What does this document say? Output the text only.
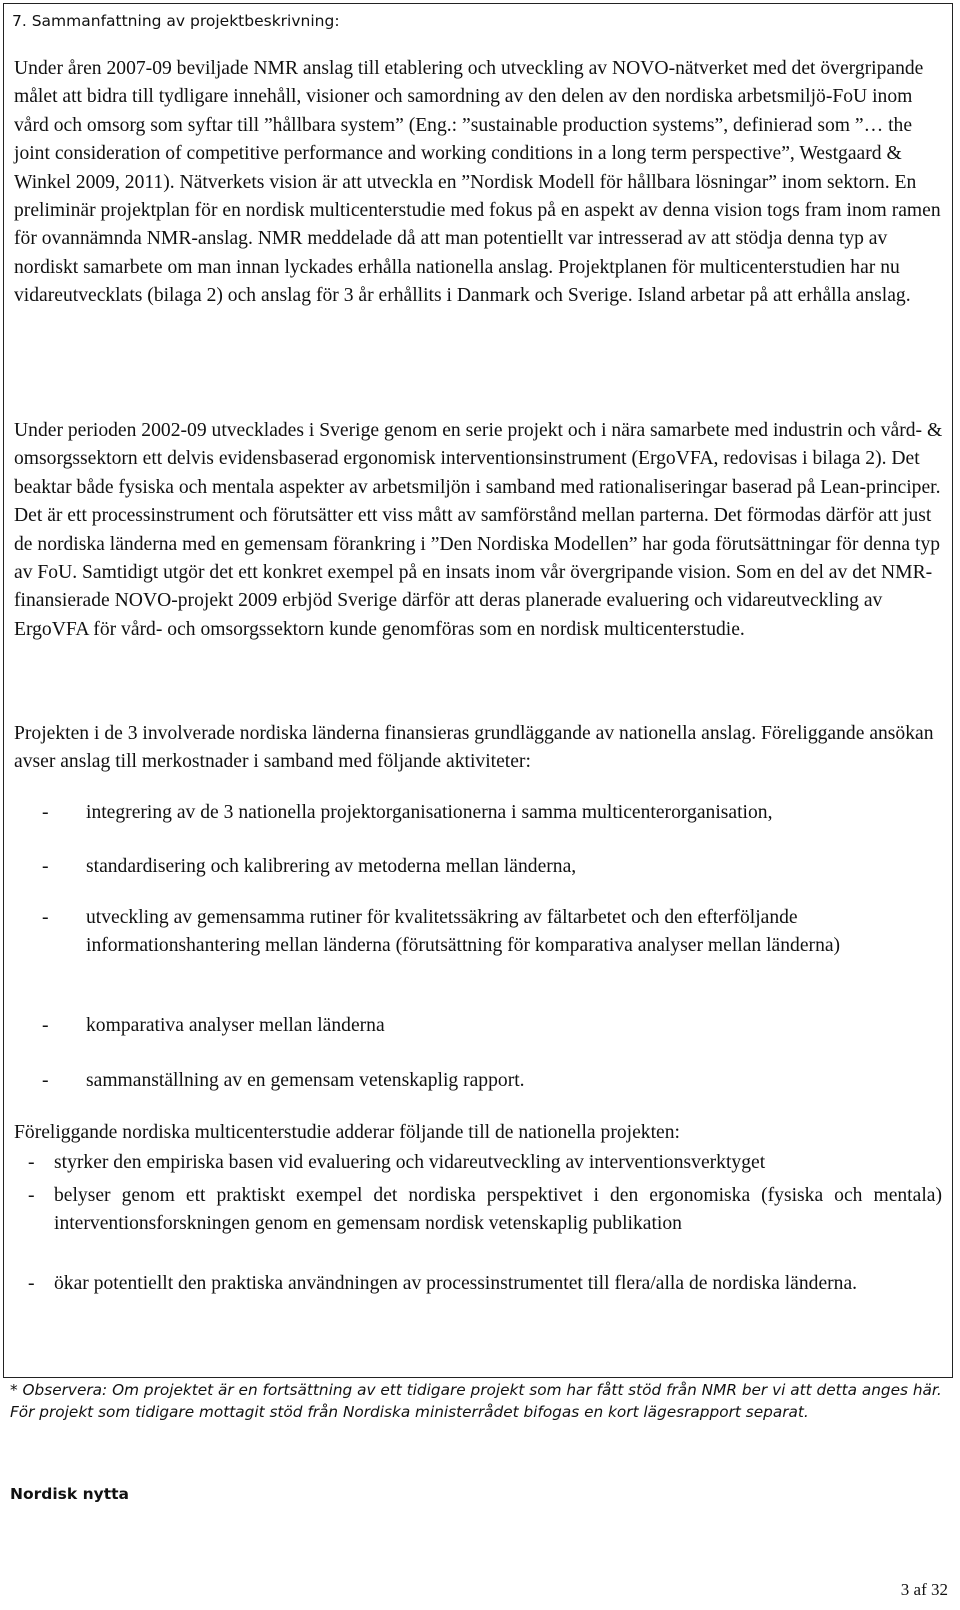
7. Sammanfattning av projektbeskrivning:

Under åren 2007-09 beviljade NMR anslag till etablering och utveckling av NOVO-nätverket med det övergripande målet att bidra till tydligare innehåll, visioner och samordning av den delen av den nordiska arbetsmiljö-FoU inom vård och omsorg som syftar till ”hållbara system” (Eng.: ”sustainable production systems”, definierad som ”… the joint consideration of competitive performance and working conditions in a long term perspective”, Westgaard & Winkel 2009, 2011). Nätverkets vision är att utveckla en ”Nordisk Modell för hållbara lösningar” inom sektorn. En preliminär projektplan för en nordisk multicenterstudie med fokus på en aspekt av denna vision togs fram inom ramen för ovannämnda NMR-anslag. NMR meddelade då att man potentiellt var intresserad av att stödja denna typ av nordiskt samarbete om man innan lyckades erhålla nationella anslag. Projektplanen för multicenterstudien har nu vidareutvecklats (bilaga 2) och anslag för 3 år erhållits i Danmark och Sverige. Island arbetar på att erhålla anslag.

Under perioden 2002-09 utvecklades i Sverige genom en serie projekt och i nära samarbete med industrin och vård- & omsorgssektorn ett delvis evidensbaserad ergonomisk interventionsinstrument (ErgoVFA, redovisas i bilaga 2). Det beaktar både fysiska och mentala aspekter av arbetsmiljön i samband med rationaliseringar baserad på Lean-principer. Det är ett processinstrument och förutsätter ett viss mått av samförstånd mellan parterna. Det förmodas därför att just de nordiska länderna med en gemensam förankring i ”Den Nordiska Modellen” har goda förutsättningar för denna typ av FoU. Samtidigt utgör det ett konkret exempel på en insats inom vår övergripande vision. Som en del av det NMR-finansierade NOVO-projekt 2009 erbjöd Sverige därför att deras planerade evaluering och vidareutveckling av ErgoVFA för vård- och omsorgssektorn kunde genomföras som en nordisk multicenterstudie.

Projekten i de 3 involverade nordiska länderna finansieras grundläggande av nationella anslag. Föreliggande ansökan avser anslag till merkostnader i samband med följande aktiviteter:

- integrering av de 3 nationella projektorganisationerna i samma multicenterorganisation,
- standardisering och kalibrering av metoderna mellan länderna,
- utveckling av gemensamma rutiner för kvalitetssäkring av fältarbetet och den efterföljande informationshantering mellan länderna (förutsättning för komparativa analyser mellan länderna)
- komparativa analyser mellan länderna
- sammanställning av en gemensam vetenskaplig rapport.

Föreliggande nordiska multicenterstudie adderar följande till de nationella projekten:

- styrker den empiriska basen vid evaluering och vidareutveckling av interventionsverktyget
- belyser genom ett praktiskt exempel det nordiska perspektivet i den ergonomiska (fysiska och mentala) interventionsforskningen genom en gemensam nordisk vetenskaplig publikation
- ökar potentiellt den praktiska användningen av processinstrumentet till flera/alla de nordiska länderna.

* Observera: Om projektet är en fortsättning av ett tidigare projekt som har fått stöd från NMR ber vi att detta anges här. För projekt som tidigare mottagit stöd från Nordiska ministerrådet bifogas en kort lägesrapport separat.

Nordisk nytta
3 af 32
